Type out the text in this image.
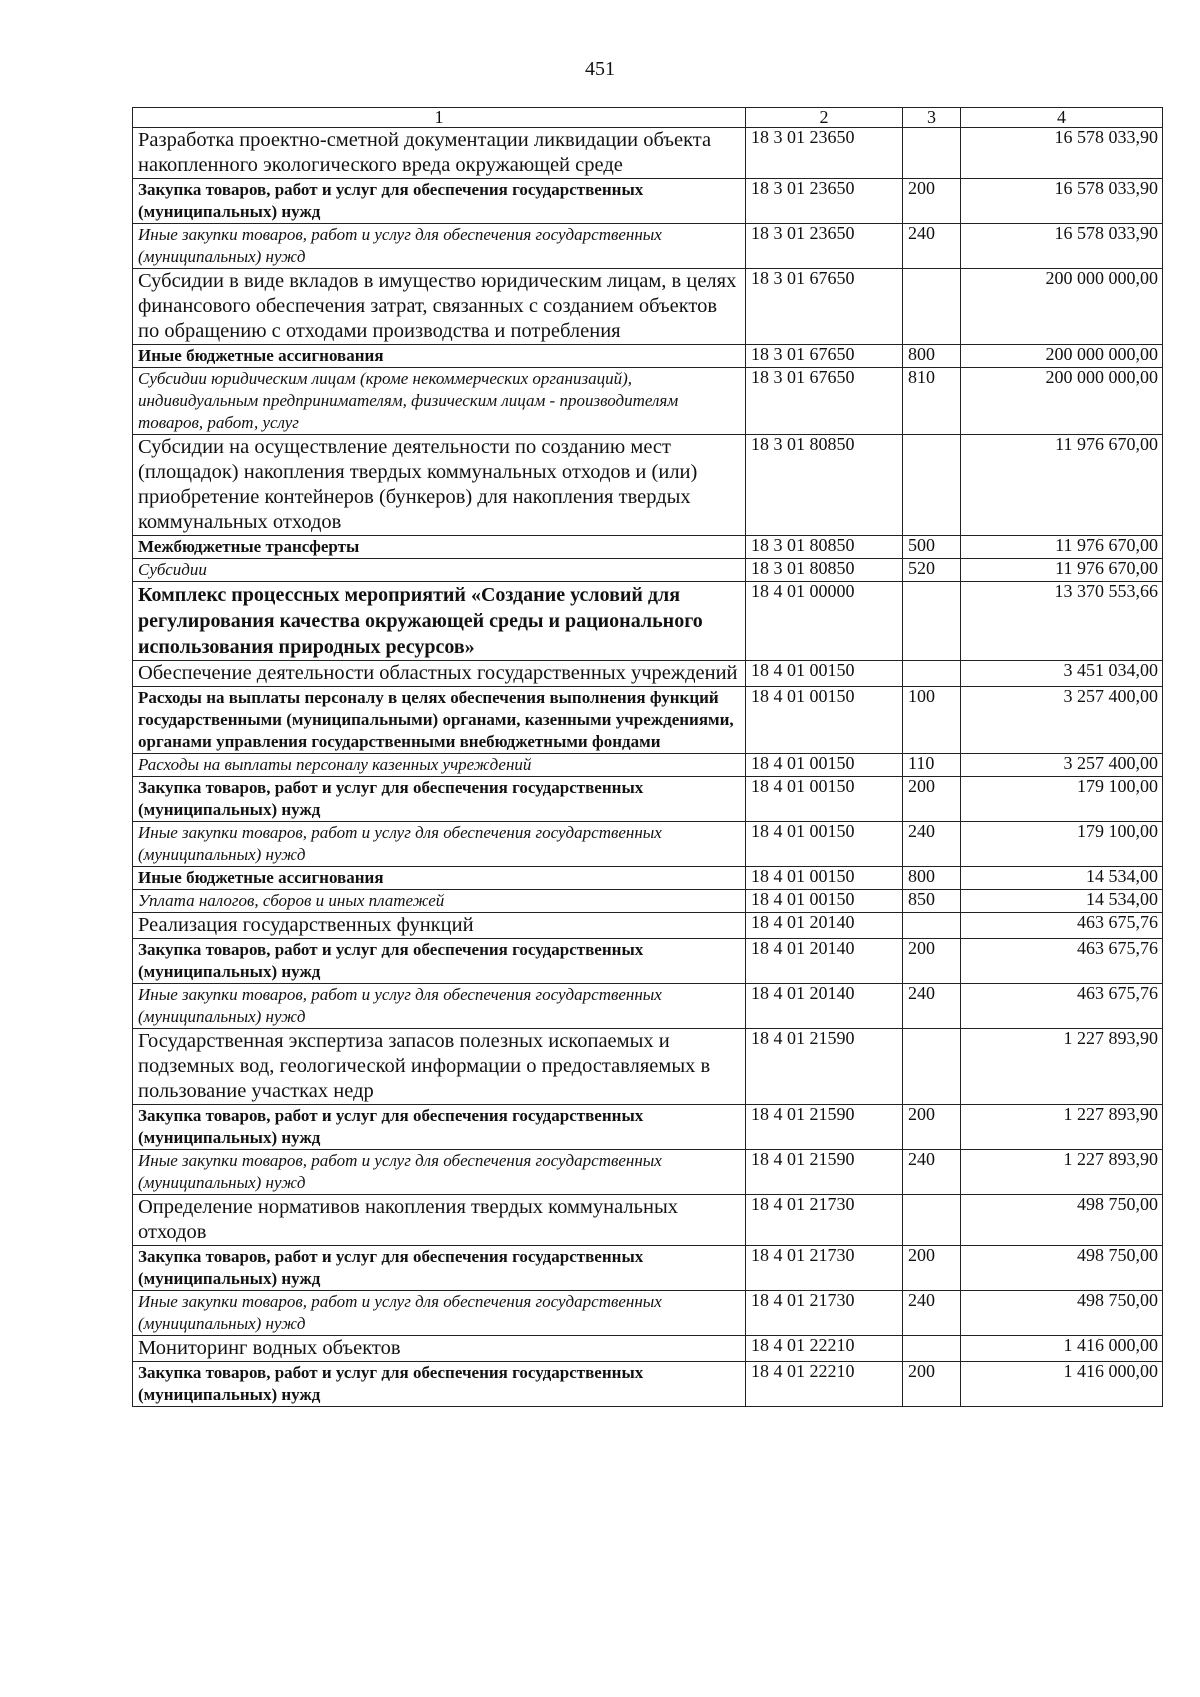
451
1	2	3	4
Разработка проектно-сметной документации ликвидации объекта накопленного экологического вреда окружающей среде	18 3 01 23650		16 578 033,90
Закупка товаров, работ и услуг для обеспечения государственных (муниципальных) нужд	18 3 01 23650	200	16 578 033,90
Иные закупки товаров, работ и услуг для обеспечения государственных (муниципальных) нужд	18 3 01 23650	240	16 578 033,90
Субсидии в виде вкладов в имущество юридическим лицам, в целях финансового обеспечения затрат, связанных с созданием объектов по обращению с отходами производства и потребления	18 3 01 67650		200 000 000,00
Иные бюджетные ассигнования	18 3 01 67650	800	200 000 000,00
Субсидии юридическим лицам (кроме некоммерческих организаций), индивидуальным предпринимателям, физическим лицам - производителям товаров, работ, услуг	18 3 01 67650	810	200 000 000,00
Субсидии на осуществление деятельности по созданию мест (площадок) накопления твердых коммунальных отходов и (или) приобретение контейнеров (бункеров) для накопления твердых коммунальных отходов	18 3 01 80850		11 976 670,00
Межбюджетные трансферты	18 3 01 80850	500	11 976 670,00
Субсидии	18 3 01 80850	520	11 976 670,00
Комплекс процессных мероприятий «Создание условий для регулирования качества окружающей среды и рационального использования природных ресурсов»	18 4 01 00000		13 370 553,66
Обеспечение деятельности областных государственных учреждений	18 4 01 00150		3 451 034,00
Расходы на выплаты персоналу в целях обеспечения выполнения функций государственными (муниципальными) органами, казенными учреждениями, органами управления государственными внебюджетными фондами	18 4 01 00150	100	3 257 400,00
Расходы на выплаты персоналу казенных учреждений	18 4 01 00150	110	3 257 400,00
Закупка товаров, работ и услуг для обеспечения государственных (муниципальных) нужд	18 4 01 00150	200	179 100,00
Иные закупки товаров, работ и услуг для обеспечения государственных (муниципальных) нужд	18 4 01 00150	240	179 100,00
Иные бюджетные ассигнования	18 4 01 00150	800	14 534,00
Уплата налогов, сборов и иных платежей	18 4 01 00150	850	14 534,00
Реализация государственных функций	18 4 01 20140		463 675,76
Закупка товаров, работ и услуг для обеспечения государственных (муниципальных) нужд	18 4 01 20140	200	463 675,76
Иные закупки товаров, работ и услуг для обеспечения государственных (муниципальных) нужд	18 4 01 20140	240	463 675,76
Государственная экспертиза запасов полезных ископаемых и подземных вод, геологической информации о предоставляемых в пользование участках недр	18 4 01 21590		1 227 893,90
Закупка товаров, работ и услуг для обеспечения государственных (муниципальных) нужд	18 4 01 21590	200	1 227 893,90
Иные закупки товаров, работ и услуг для обеспечения государственных (муниципальных) нужд	18 4 01 21590	240	1 227 893,90
Определение нормативов накопления твердых коммунальных отходов	18 4 01 21730		498 750,00
Закупка товаров, работ и услуг для обеспечения государственных (муниципальных) нужд	18 4 01 21730	200	498 750,00
Иные закупки товаров, работ и услуг для обеспечения государственных (муниципальных) нужд	18 4 01 21730	240	498 750,00
Мониторинг водных объектов	18 4 01 22210		1 416 000,00
Закупка товаров, работ и услуг для обеспечения государственных (муниципальных) нужд	18 4 01 22210	200	1 416 000,00
